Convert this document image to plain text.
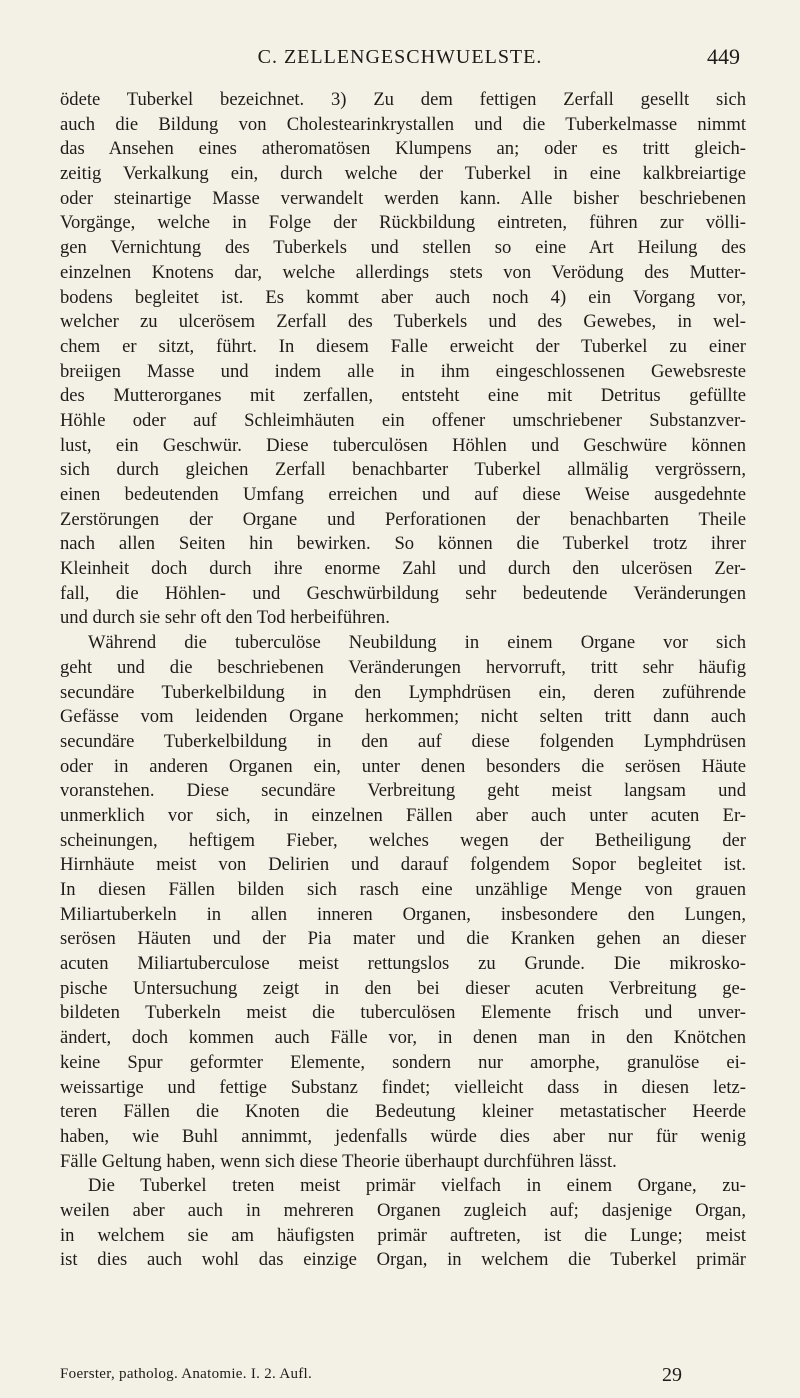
C. ZELLENGESCHWUELSTE.	449
ödete Tuberkel bezeichnet. 3) Zu dem fettigen Zerfall gesellt sich
auch die Bildung von Cholestearinkrystallen und die Tuberkelmasse nimmt
das Ansehen eines atheromatösen Klumpens an; oder es tritt gleich-
zeitig Verkalkung ein, durch welche der Tuberkel in eine kalkbreiartige
oder steinartige Masse verwandelt werden kann. Alle bisher beschriebenen
Vorgänge, welche in Folge der Rückbildung eintreten, führen zur völli-
gen Vernichtung des Tuberkels und stellen so eine Art Heilung des
einzelnen Knotens dar, welche allerdings stets von Verödung des Mutter-
bodens begleitet ist. Es kommt aber auch noch 4) ein Vorgang vor,
welcher zu ulcerösem Zerfall des Tuberkels und des Gewebes, in wel-
chem er sitzt, führt. In diesem Falle erweicht der Tuberkel zu einer
breiigen Masse und indem alle in ihm eingeschlossenen Gewebsreste
des Mutterorganes mit zerfallen, entsteht eine mit Detritus gefüllte
Höhle oder auf Schleimhäuten ein offener umschriebener Substanzver-
lust, ein Geschwür. Diese tuberculösen Höhlen und Geschwüre können
sich durch gleichen Zerfall benachbarter Tuberkel allmälig vergrössern,
einen bedeutenden Umfang erreichen und auf diese Weise ausgedehnte
Zerstörungen der Organe und Perforationen der benachbarten Theile
nach allen Seiten hin bewirken. So können die Tuberkel trotz ihrer
Kleinheit doch durch ihre enorme Zahl und durch den ulcerösen Zer-
fall, die Höhlen- und Geschwürbildung sehr bedeutende Veränderungen
und durch sie sehr oft den Tod herbeiführen.
Während die tuberculöse Neubildung in einem Organe vor sich
geht und die beschriebenen Veränderungen hervorruft, tritt sehr häufig
secundäre Tuberkelbildung in den Lymphdrüsen ein, deren zuführende
Gefässe vom leidenden Organe herkommen; nicht selten tritt dann auch
secundäre Tuberkelbildung in den auf diese folgenden Lymphdrüsen
oder in anderen Organen ein, unter denen besonders die serösen Häute
voranstehen. Diese secundäre Verbreitung geht meist langsam und
unmerklich vor sich, in einzelnen Fällen aber auch unter acuten Er-
scheinungen, heftigem Fieber, welches wegen der Betheiligung der
Hirnhäute meist von Delirien und darauf folgendem Sopor begleitet ist.
In diesen Fällen bilden sich rasch eine unzählige Menge von grauen
Miliartuberkeln in allen inneren Organen, insbesondere den Lungen,
serösen Häuten und der Pia mater und die Kranken gehen an dieser
acuten Miliartuberculose meist rettungslos zu Grunde. Die mikrosko-
pische Untersuchung zeigt in den bei dieser acuten Verbreitung ge-
bildeten Tuberkeln meist die tuberculösen Elemente frisch und unver-
ändert, doch kommen auch Fälle vor, in denen man in den Knötchen
keine Spur geformter Elemente, sondern nur amorphe, granulöse ei-
weissartige und fettige Substanz findet; vielleicht dass in diesen letz-
teren Fällen die Knoten die Bedeutung kleiner metastatischer Heerde
haben, wie Buhl annimmt, jedenfalls würde dies aber nur für wenig
Fälle Geltung haben, wenn sich diese Theorie überhaupt durchführen lässt.
Die Tuberkel treten meist primär vielfach in einem Organe, zu-
weilen aber auch in mehreren Organen zugleich auf; dasjenige Organ,
in welchem sie am häufigsten primär auftreten, ist die Lunge; meist
ist dies auch wohl das einzige Organ, in welchem die Tuberkel primär
Foerster, patholog. Anatomie. I. 2. Aufl.	29
